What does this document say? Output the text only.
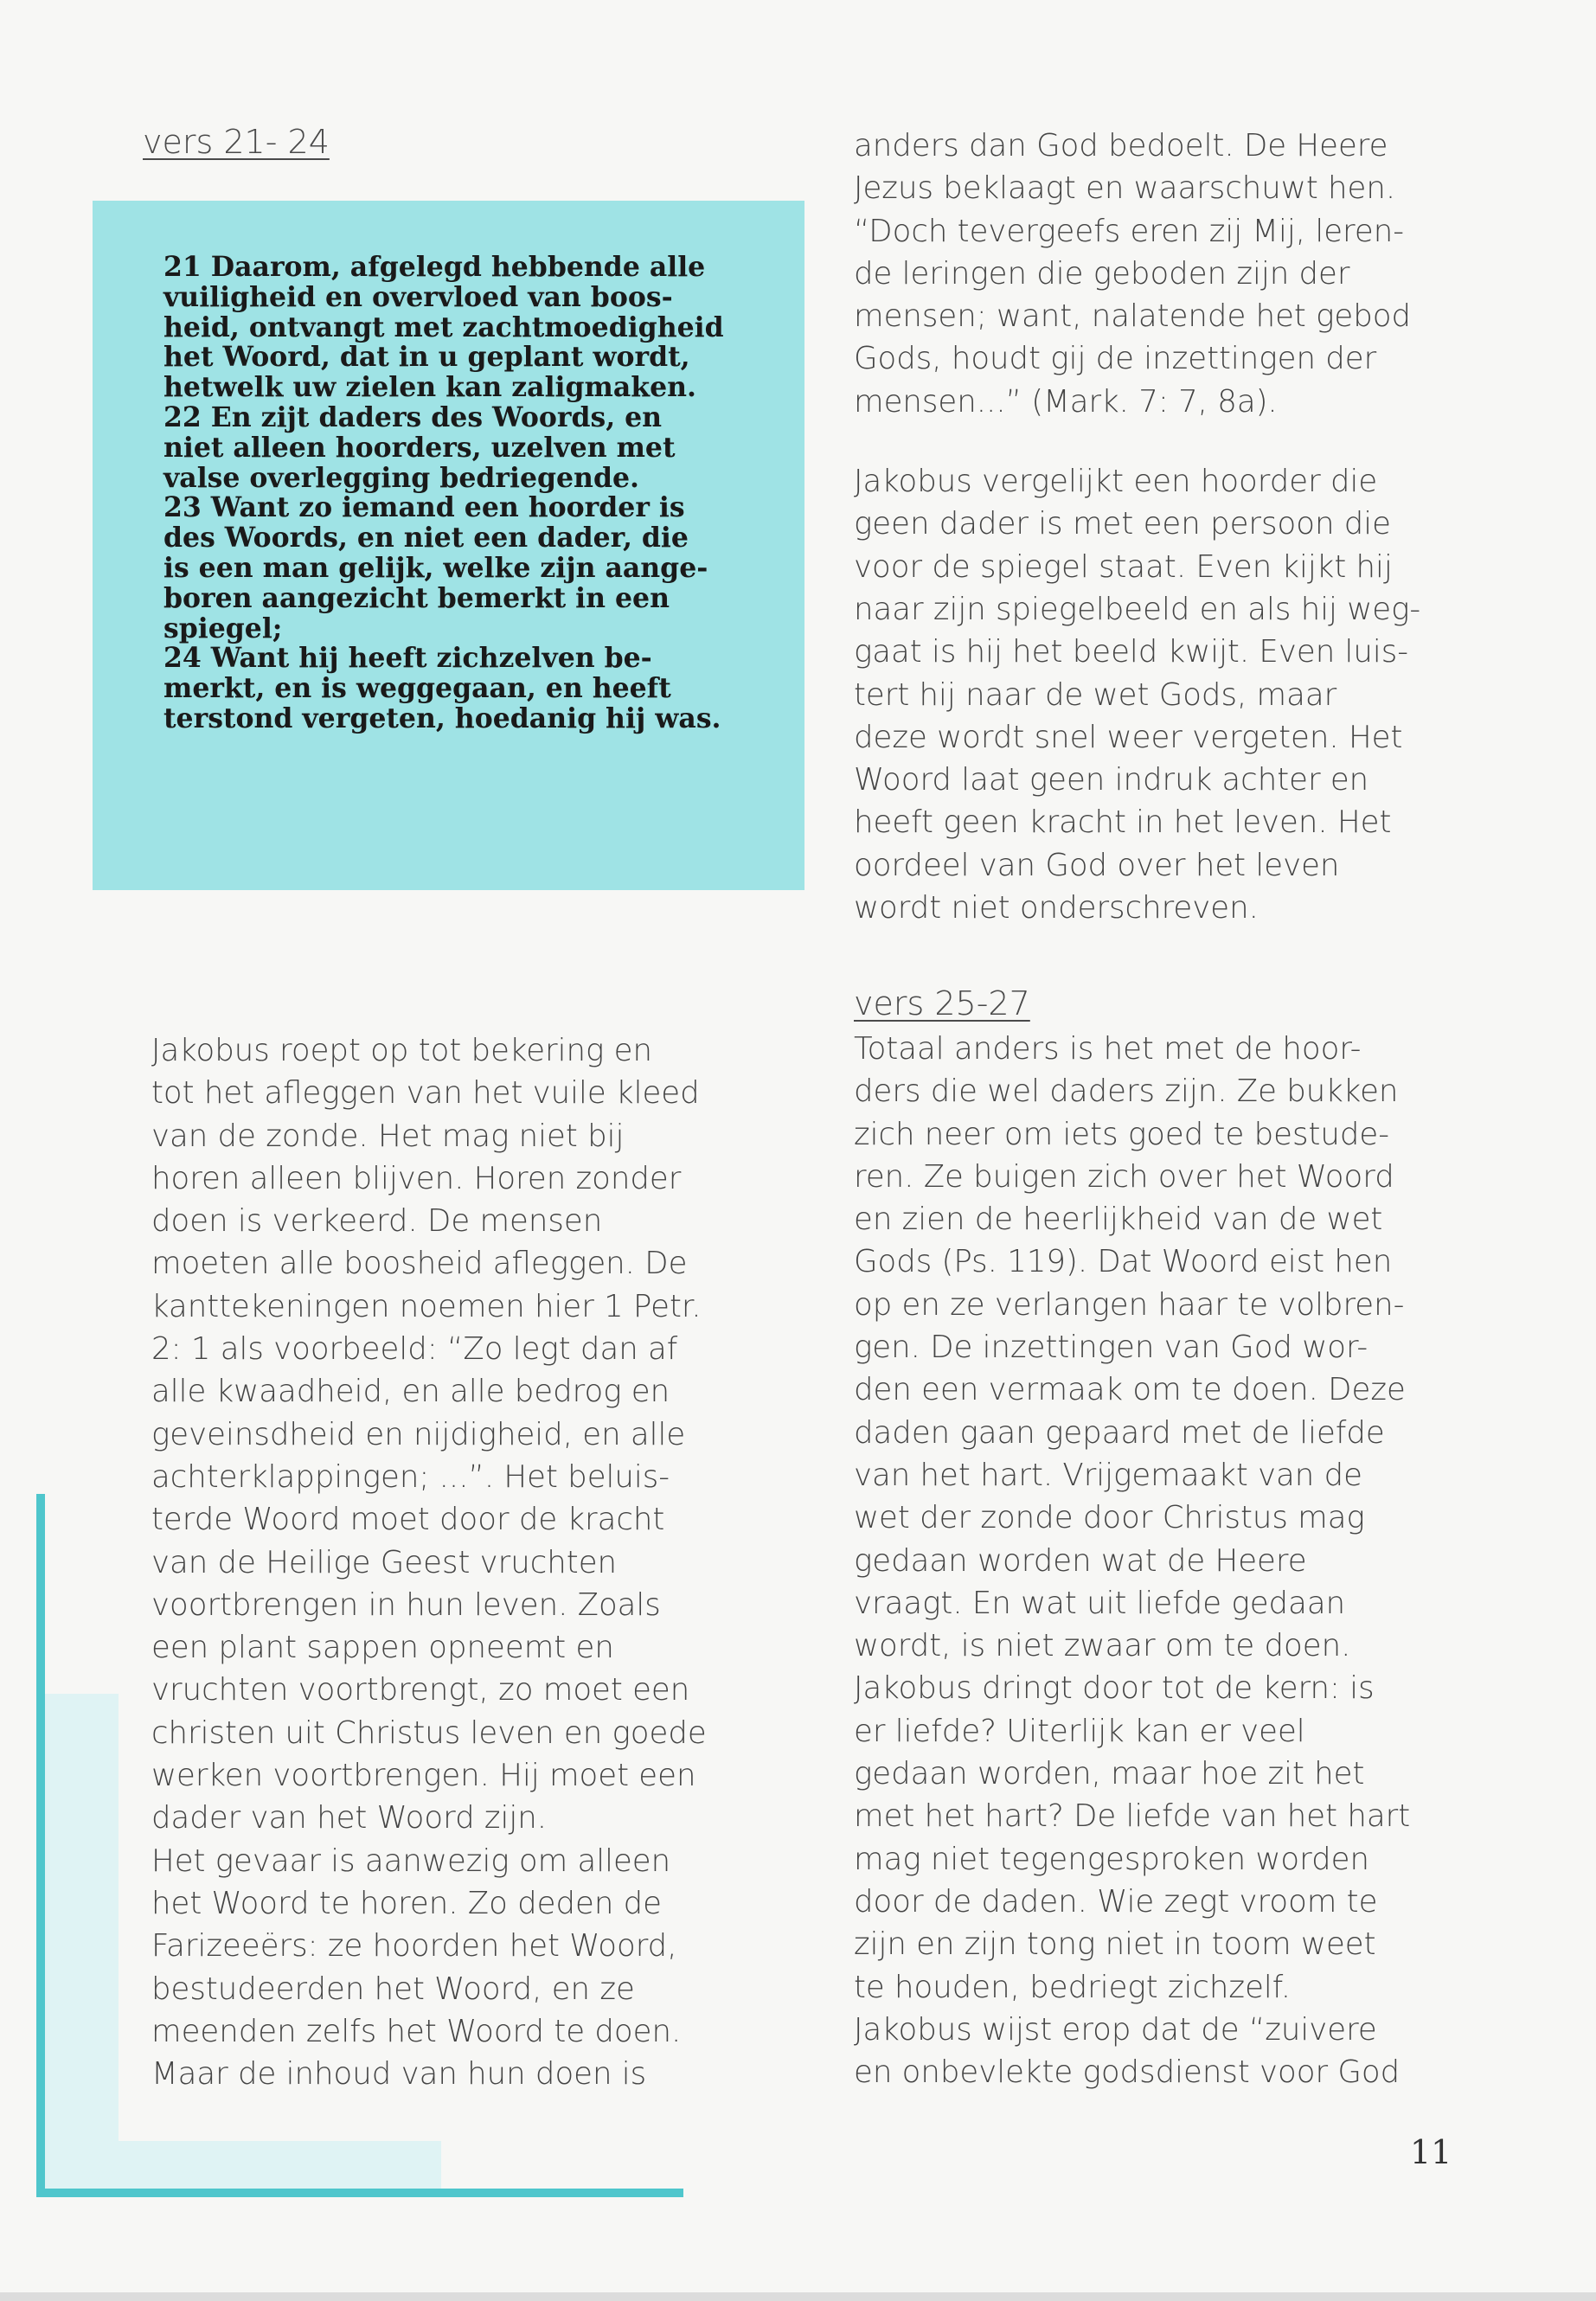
vers 21- 24
21 Daarom, afgelegd hebbende alle
vuiligheid en overvloed van boos-
heid, ontvangt met zachtmoedigheid
het Woord, dat in u geplant wordt,
hetwelk uw zielen kan zaligmaken.
22 En zijt daders des Woords, en
niet alleen hoorders, uzelven met
valse overlegging bedriegende.
23 Want zo iemand een hoorder is
des Woords, en niet een dader, die
is een man gelijk, welke zijn aange-
boren aangezicht bemerkt in een
spiegel;
24 Want hij heeft zichzelven be-
merkt, en is weggegaan, en heeft
terstond vergeten, hoedanig hij was.
Jakobus roept op tot bekering en
tot het afleggen van het vuile kleed
van de zonde. Het mag niet bij
horen alleen blijven. Horen zonder
doen is verkeerd. De mensen
moeten alle boosheid afleggen. De
kanttekeningen noemen hier 1 Petr.
2: 1 als voorbeeld: “Zo legt dan af
alle kwaadheid, en alle bedrog en
geveinsdheid en nijdigheid, en alle
achterklappingen; ...”. Het beluis-
terde Woord moet door de kracht
van de Heilige Geest vruchten
voortbrengen in hun leven. Zoals
een plant sappen opneemt en
vruchten voortbrengt, zo moet een
christen uit Christus leven en goede
werken voortbrengen. Hij moet een
dader van het Woord zijn.
Het gevaar is aanwezig om alleen
het Woord te horen. Zo deden de
Farizeeërs: ze hoorden het Woord,
bestudeerden het Woord, en ze
meenden zelfs het Woord te doen.
Maar de inhoud van hun doen is
anders dan God bedoelt. De Heere
Jezus beklaagt en waarschuwt hen.
“Doch tevergeefs eren zij Mij, leren-
de leringen die geboden zijn der
mensen; want, nalatende het gebod
Gods, houdt gij de inzettingen der
mensen...” (Mark. 7: 7, 8a).
Jakobus vergelijkt een hoorder die
geen dader is met een persoon die
voor de spiegel staat. Even kijkt hij
naar zijn spiegelbeeld en als hij weg-
gaat is hij het beeld kwijt. Even luis-
tert hij naar de wet Gods, maar
deze wordt snel weer vergeten. Het
Woord laat geen indruk achter en
heeft geen kracht in het leven. Het
oordeel van God over het leven
wordt niet onderschreven.
vers 25-27
Totaal anders is het met de hoor-
ders die wel daders zijn. Ze bukken
zich neer om iets goed te bestude-
ren. Ze buigen zich over het Woord
en zien de heerlijkheid van de wet
Gods (Ps. 119). Dat Woord eist hen
op en ze verlangen haar te volbren-
gen. De inzettingen van God wor-
den een vermaak om te doen. Deze
daden gaan gepaard met de liefde
van het hart. Vrijgemaakt van de
wet der zonde door Christus mag
gedaan worden wat de Heere
vraagt. En wat uit liefde gedaan
wordt, is niet zwaar om te doen.
Jakobus dringt door tot de kern: is
er liefde? Uiterlijk kan er veel
gedaan worden, maar hoe zit het
met het hart? De liefde van het hart
mag niet tegengesproken worden
door de daden. Wie zegt vroom te
zijn en zijn tong niet in toom weet
te houden, bedriegt zichzelf.
Jakobus wijst erop dat de “zuivere
en onbevlekte godsdienst voor God
11
